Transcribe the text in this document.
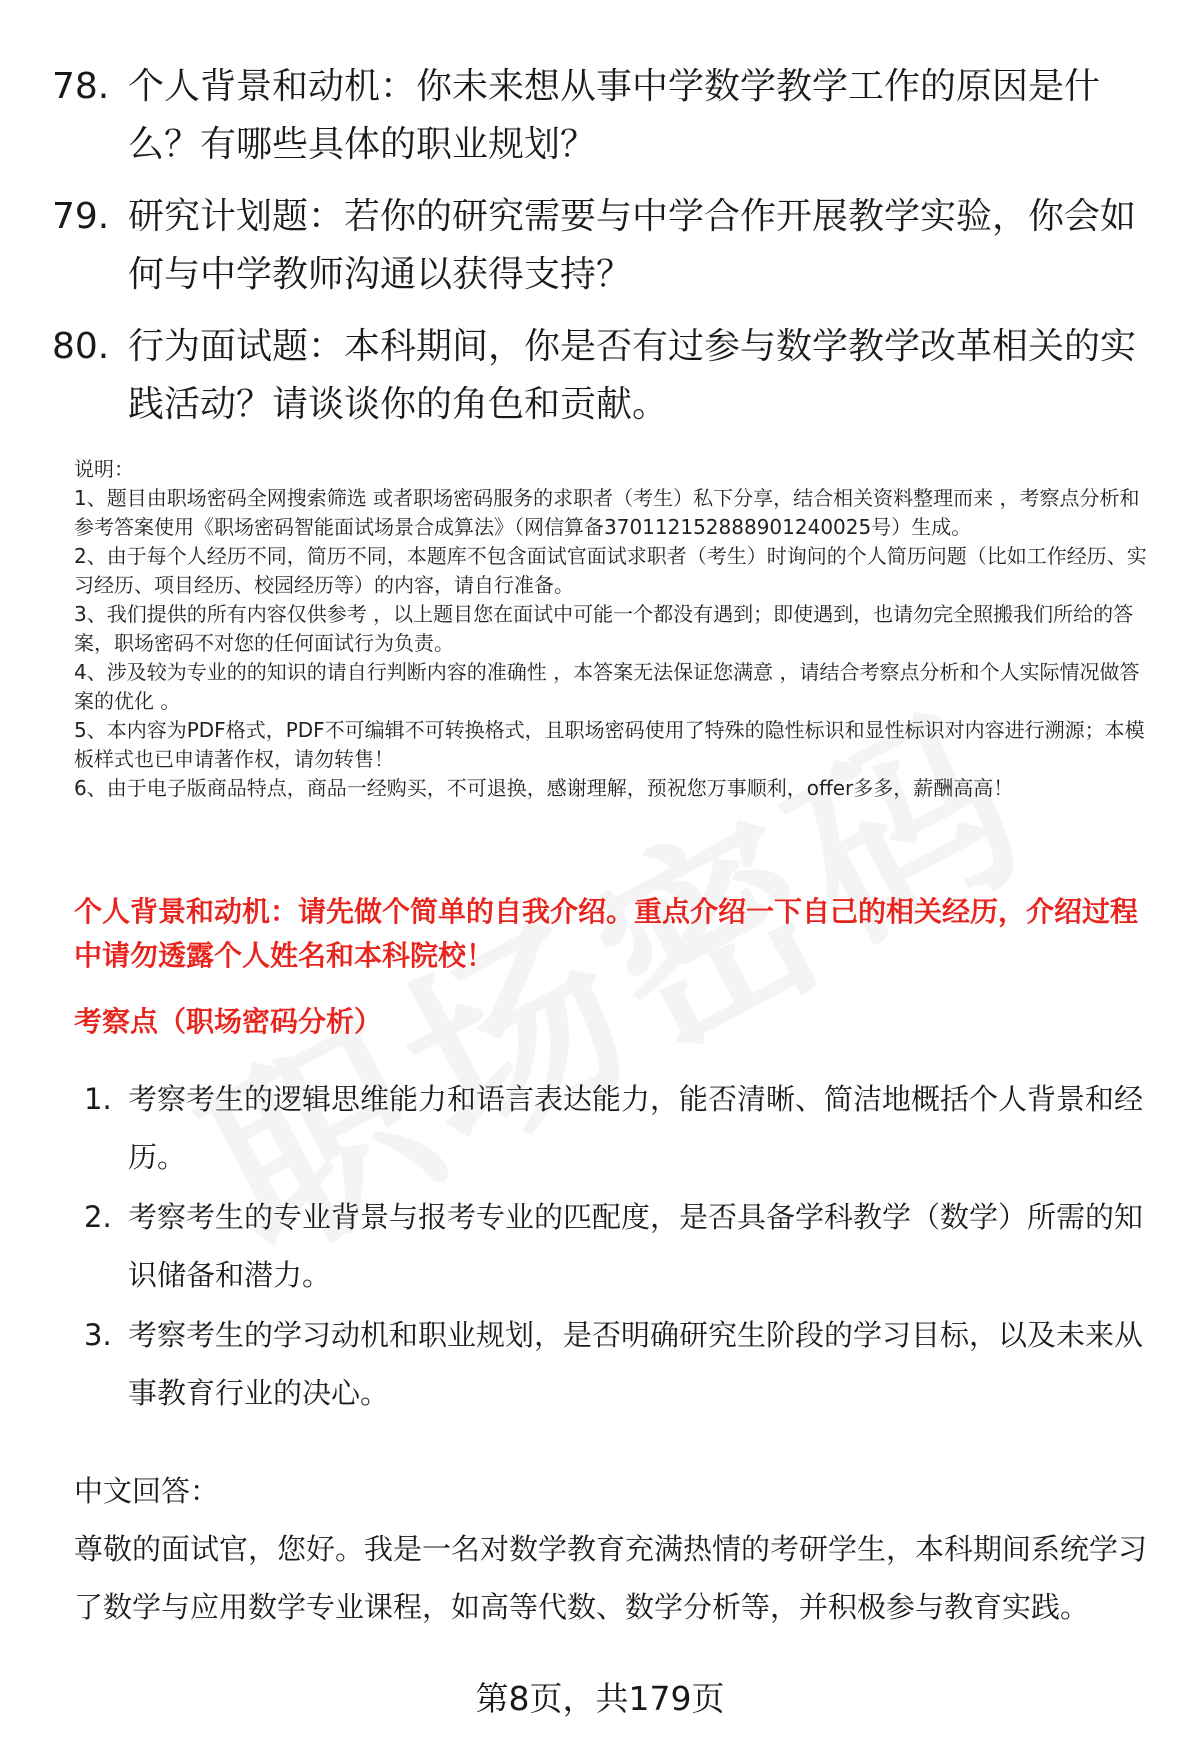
78. 个人背景和动机：你未来想从事中学数学教学工作的原因是什么？有哪些具体的职业规划？
79. 研究计划题：若你的研究需要与中学合作开展教学实验，你会如何与中学教师沟通以获得支持？
80. 行为面试题：本科期间，你是否有过参与数学教学改革相关的实践活动？请谈谈你的角色和贡献。

说明：

1、题目由职场密码全网搜索筛选 或者职场密码服务的求职者（考生）私下分享，结合相关资料整理而来 ，考察点分析和参考答案使用《职场密码智能面试场景合成算法》（网信算备370112152888901240025号）生成。

2、由于每个人经历不同，简历不同，本题库不包含面试官面试求职者（考生）时询问的个人简历问题（比如工作经历、实习经历、项目经历、校园经历等）的内容，请自行准备。

3、我们提供的所有内容仅供参考 ，以上题目您在面试中可能一个都没有遇到；即使遇到，也请勿完全照搬我们所给的答案，职场密码不对您的任何面试行为负责。

4、涉及较为专业的的知识的请自行判断内容的准确性 ，本答案无法保证您满意 ，请结合考察点分析和个人实际情况做答案的优化 。

5、本内容为PDF格式，PDF不可编辑不可转换格式，且职场密码使用了特殊的隐性标识和显性标识对内容进行溯源；本模板样式也已申请著作权，请勿转售！

6、由于电子版商品特点，商品一经购买，不可退换，感谢理解，预祝您万事顺利，offer多多，薪酬高高！

个人背景和动机：请先做个简单的自我介绍。重点介绍一下自己的相关经历，介绍过程中请勿透露个人姓名和本科院校！
考察点（职场密码分析）
1. 考察考生的逻辑思维能力和语言表达能力，能否清晰、简洁地概括个人背景和经历。
2. 考察考生的专业背景与报考专业的匹配度，是否具备学科教学（数学）所需的知识储备和潜力。
3. 考察考生的学习动机和职业规划，是否明确研究生阶段的学习目标，以及未来从事教育行业的决心。
中文回答：
尊敬的面试官，您好。我是一名对数学教育充满热情的考研学生，本科期间系统学习了数学与应用数学专业课程，如高等代数、数学分析等，并积极参与教育实践。
第8页，共179页
